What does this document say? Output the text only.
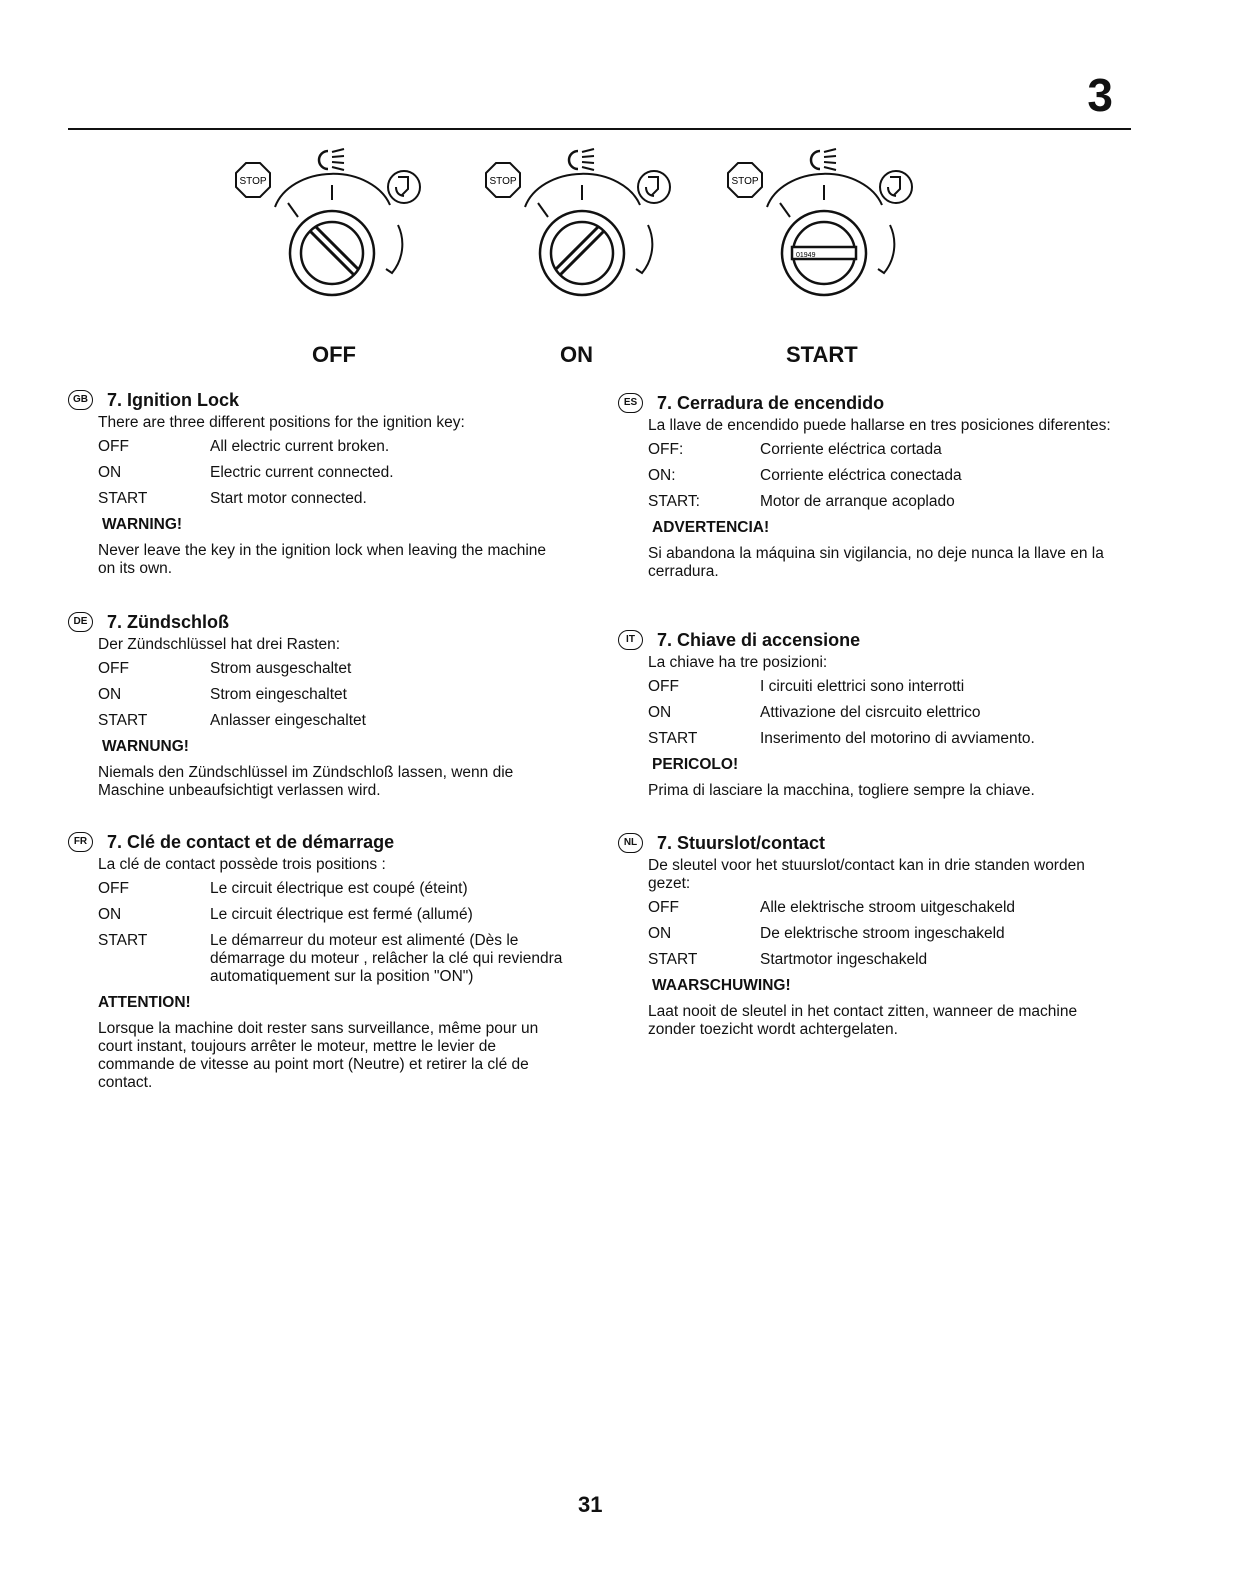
3
STOP	STOP	STOP
01949
OFF	ON	START
GB 7. Ignition Lock

There are three different positions for the ignition key:

OFF	All electric current broken.
ON	Electric current connected.
START	Start motor connected.
WARNING!

Never leave the key in the ignition lock when leaving the machine on its own.

DE	7. Zündschloß

Der Zündschlüssel hat drei Rasten:

OFF	Strom ausgeschaltet
ON	Strom eingeschaltet
START	Anlasser eingeschaltet
WARNUNG!

Niemals den Zündschlüssel im Zündschloß lassen, wenn die Maschine unbeaufsichtigt verlassen wird.

FR	7. Clé de contact et de démarrage

La clé de contact possède trois positions :

OFF	Le circuit électrique est coupé (éteint)
ON	Le circuit électrique est fermé (allumé)
START	Le démarreur du moteur est alimenté (Dès le démarrage du moteur , relâcher la clé qui reviendra automatiquement sur la position "ON")
ATTENTION!

Lorsque la machine doit rester sans surveillance, même pour un court instant, toujours arrêter le moteur, mettre le levier de commande de vitesse au point mort (Neutre) et retirer la clé de contact.

ES	7. Cerradura de encendido

La llave de encendido puede hallarse en tres posiciones diferentes:

OFF:	Corriente eléctrica cortada
ON:	Corriente eléctrica conectada
START:	Motor de arranque acoplado
ADVERTENCIA!

Si abandona la máquina sin vigilancia, no deje nunca la llave en la cerradura.

IT	7. Chiave di accensione

La chiave ha tre posizioni:

OFF	I circuiti elettrici sono interrotti
ON	Attivazione del cisrcuito elettrico
START	Inserimento del motorino di avviamento.
PERICOLO!

Prima di lasciare la macchina, togliere sempre la chiave.

NL	7. Stuurslot/contact

De sleutel voor het stuurslot/contact kan in drie standen worden gezet:

OFF	Alle elektrische stroom uitgeschakeld
ON	De elektrische stroom ingeschakeld
START	Startmotor ingeschakeld
WAARSCHUWING!

Laat nooit de sleutel in het contact zitten, wanneer de machine zonder toezicht wordt achtergelaten.

31
